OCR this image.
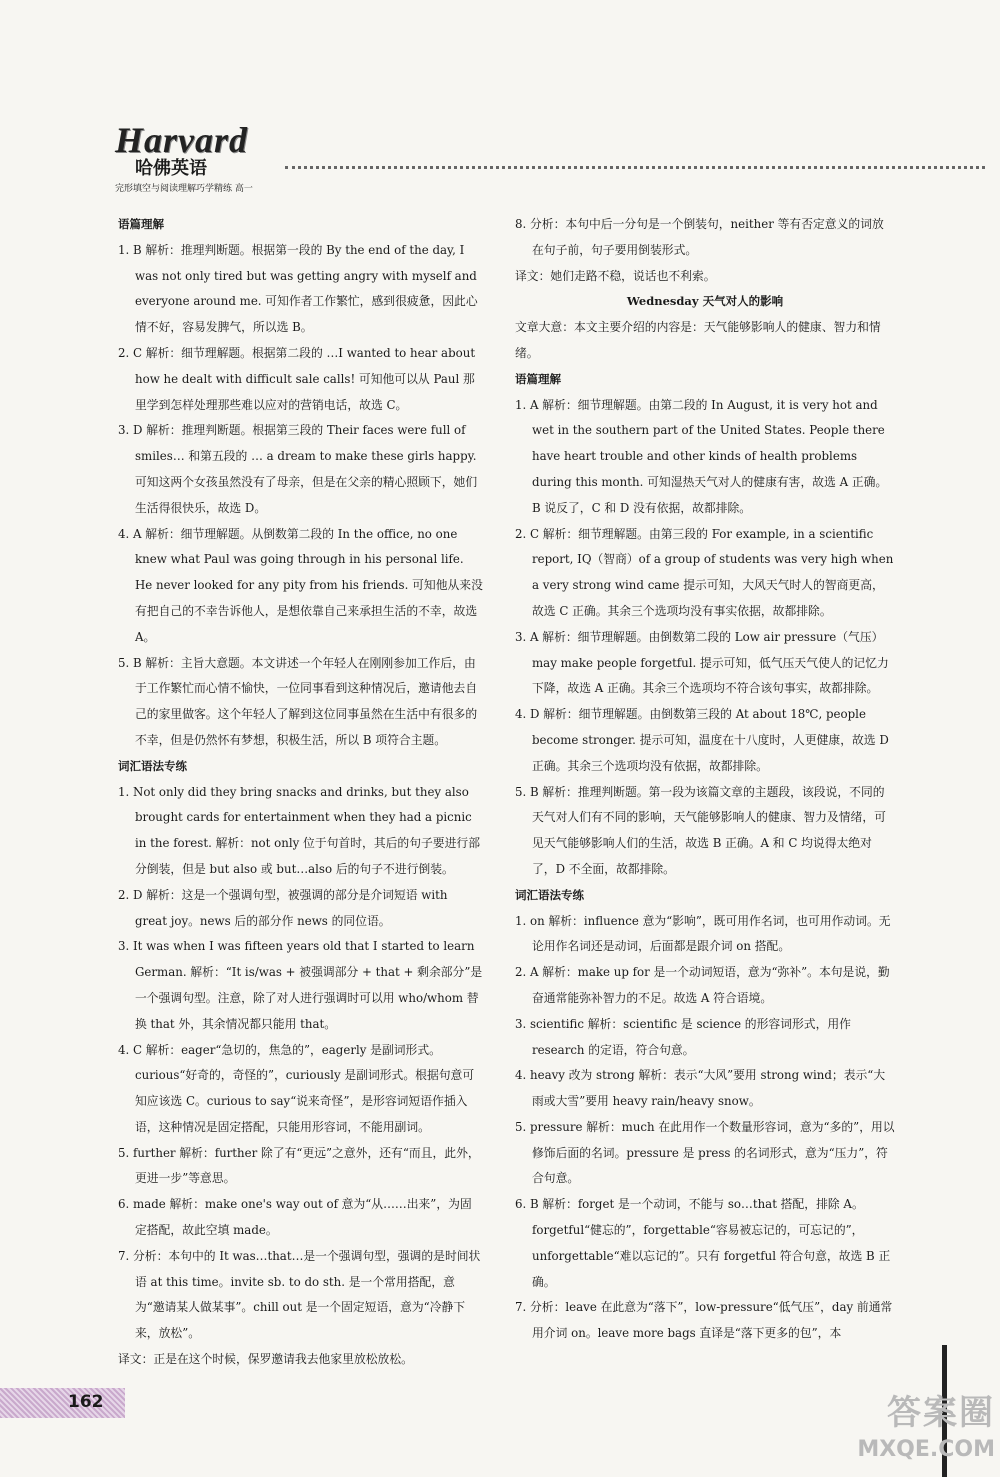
Harvard
哈佛英语
完形填空与阅读理解巧学精练 高一

语篇理解

1. B 解析：推理判断题。根据第一段的 By the end of the day, I was not only tired but was getting angry with myself and everyone around me. 可知作者工作繁忙，感到很疲惫，因此心情不好，容易发脾气，所以选 B。

2. C 解析：细节理解题。根据第二段的 …I wanted to hear about how he dealt with difficult sale calls! 可知他可以从 Paul 那里学到怎样处理那些难以应对的营销电话，故选 C。

3. D 解析：推理判断题。根据第三段的 Their faces were full of smiles… 和第五段的 … a dream to make these girls happy. 可知这两个女孩虽然没有了母亲，但是在父亲的精心照顾下，她们生活得很快乐，故选 D。

4. A 解析：细节理解题。从倒数第二段的 In the office, no one knew what Paul was going through in his personal life. He never looked for any pity from his friends. 可知他从来没有把自己的不幸告诉他人，是想依靠自己来承担生活的不幸，故选 A。

5. B 解析：主旨大意题。本文讲述一个年轻人在刚刚参加工作后，由于工作繁忙而心情不愉快，一位同事看到这种情况后，邀请他去自己的家里做客。这个年轻人了解到这位同事虽然在生活中有很多的不幸，但是仍然怀有梦想，积极生活，所以 B 项符合主题。

词汇语法专练

1. Not only did they bring snacks and drinks, but they also brought cards for entertainment when they had a picnic in the forest. 解析：not only 位于句首时，其后的句子要进行部分倒装，但是 but also 或 but…also 后的句子不进行倒装。

2. D 解析：这是一个强调句型，被强调的部分是介词短语 with great joy。news 后的部分作 news 的同位语。

3. It was when I was fifteen years old that I started to learn German. 解析：“It is/was + 被强调部分 + that + 剩余部分”是一个强调句型。注意，除了对人进行强调时可以用 who/whom 替换 that 外，其余情况都只能用 that。

4. C 解析：eager“急切的，焦急的”，eagerly 是副词形式。curious“好奇的，奇怪的”，curiously 是副词形式。根据句意可知应该选 C。curious to say“说来奇怪”，是形容词短语作插入语，这种情况是固定搭配，只能用形容词，不能用副词。

5. further 解析：further 除了有“更远”之意外，还有“而且，此外，更进一步”等意思。

6. made 解析：make one's way out of 意为“从……出来”，为固定搭配，故此空填 made。

7. 分析：本句中的 It was…that…是一个强调句型，强调的是时间状语 at this time。invite sb. to do sth. 是一个常用搭配，意为“邀请某人做某事”。chill out 是一个固定短语，意为“冷静下来，放松”。

译文：正是在这个时候，保罗邀请我去他家里放松放松。

8. 分析：本句中后一分句是一个倒装句，neither 等有否定意义的词放在句子前，句子要用倒装形式。

译文：她们走路不稳，说话也不利索。

Wednesday 天气对人的影响

文章大意：本文主要介绍的内容是：天气能够影响人的健康、智力和情绪。

语篇理解

1. A 解析：细节理解题。由第二段的 In August, it is very hot and wet in the southern part of the United States. People there have heart trouble and other kinds of health problems during this month. 可知湿热天气对人的健康有害，故选 A 正确。B 说反了，C 和 D 没有依据，故都排除。

2. C 解析：细节理解题。由第三段的 For example, in a scientific report, IQ（智商）of a group of students was very high when a very strong wind came 提示可知，大风天气时人的智商更高，故选 C 正确。其余三个选项均没有事实依据，故都排除。

3. A 解析：细节理解题。由倒数第二段的 Low air pressure（气压）may make people forgetful. 提示可知，低气压天气使人的记忆力下降，故选 A 正确。其余三个选项均不符合该句事实，故都排除。

4. D 解析：细节理解题。由倒数第三段的 At about 18℃, people become stronger. 提示可知，温度在十八度时，人更健康，故选 D 正确。其余三个选项均没有依据，故都排除。

5. B 解析：推理判断题。第一段为该篇文章的主题段，该段说，不同的天气对人们有不同的影响，天气能够影响人的健康、智力及情绪，可见天气能够影响人们的生活，故选 B 正确。A 和 C 均说得太绝对了，D 不全面，故都排除。

词汇语法专练

1. on 解析：influence 意为“影响”，既可用作名词，也可用作动词。无论用作名词还是动词，后面都是跟介词 on 搭配。

2. A 解析：make up for 是一个动词短语，意为“弥补”。本句是说，勤奋通常能弥补智力的不足。故选 A 符合语境。

3. scientific 解析：scientific 是 science 的形容词形式，用作 research 的定语，符合句意。

4. heavy 改为 strong 解析：表示“大风”要用 strong wind；表示“大雨或大雪”要用 heavy rain/heavy snow。

5. pressure 解析：much 在此用作一个数量形容词，意为“多的”，用以修饰后面的名词。pressure 是 press 的名词形式，意为“压力”，符合句意。

6. B 解析：forget 是一个动词，不能与 so…that 搭配，排除 A。forgetful“健忘的”，forgettable“容易被忘记的，可忘记的”，unforgettable“难以忘记的”。只有 forgetful 符合句意，故选 B 正确。

7. 分析：leave 在此意为“落下”，low-pressure“低气压”，day 前通常用介词 on。leave more bags 直译是“落下更多的包”，本

162	答案圈
MXQE.COM
